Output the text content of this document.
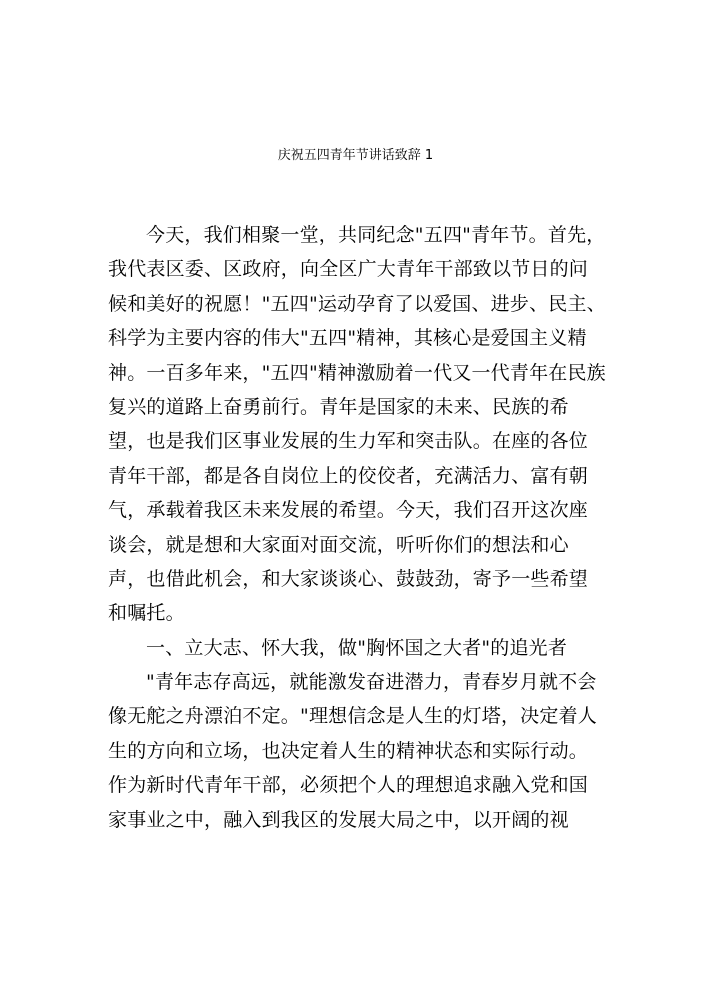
庆祝五四青年节讲话致辞 1
今天，我们相聚一堂，共同纪念"五四"青年节。首先，
我代表区委、区政府，向全区广大青年干部致以节日的问
候和美好的祝愿！"五四"运动孕育了以爱国、进步、民主、
科学为主要内容的伟大"五四"精神，其核心是爱国主义精
神。一百多年来，"五四"精神激励着一代又一代青年在民族
复兴的道路上奋勇前行。青年是国家的未来、民族的希
望，也是我们区事业发展的生力军和突击队。在座的各位
青年干部，都是各自岗位上的佼佼者，充满活力、富有朝
气，承载着我区未来发展的希望。今天，我们召开这次座
谈会，就是想和大家面对面交流，听听你们的想法和心
声，也借此机会，和大家谈谈心、鼓鼓劲，寄予一些希望
和嘱托。
一、立大志、怀大我，做"胸怀国之大者"的追光者
"青年志存高远，就能激发奋进潜力，青春岁月就不会
像无舵之舟漂泊不定。"理想信念是人生的灯塔，决定着人
生的方向和立场，也决定着人生的精神状态和实际行动。
作为新时代青年干部，必须把个人的理想追求融入党和国
家事业之中，融入到我区的发展大局之中，以开阔的视
